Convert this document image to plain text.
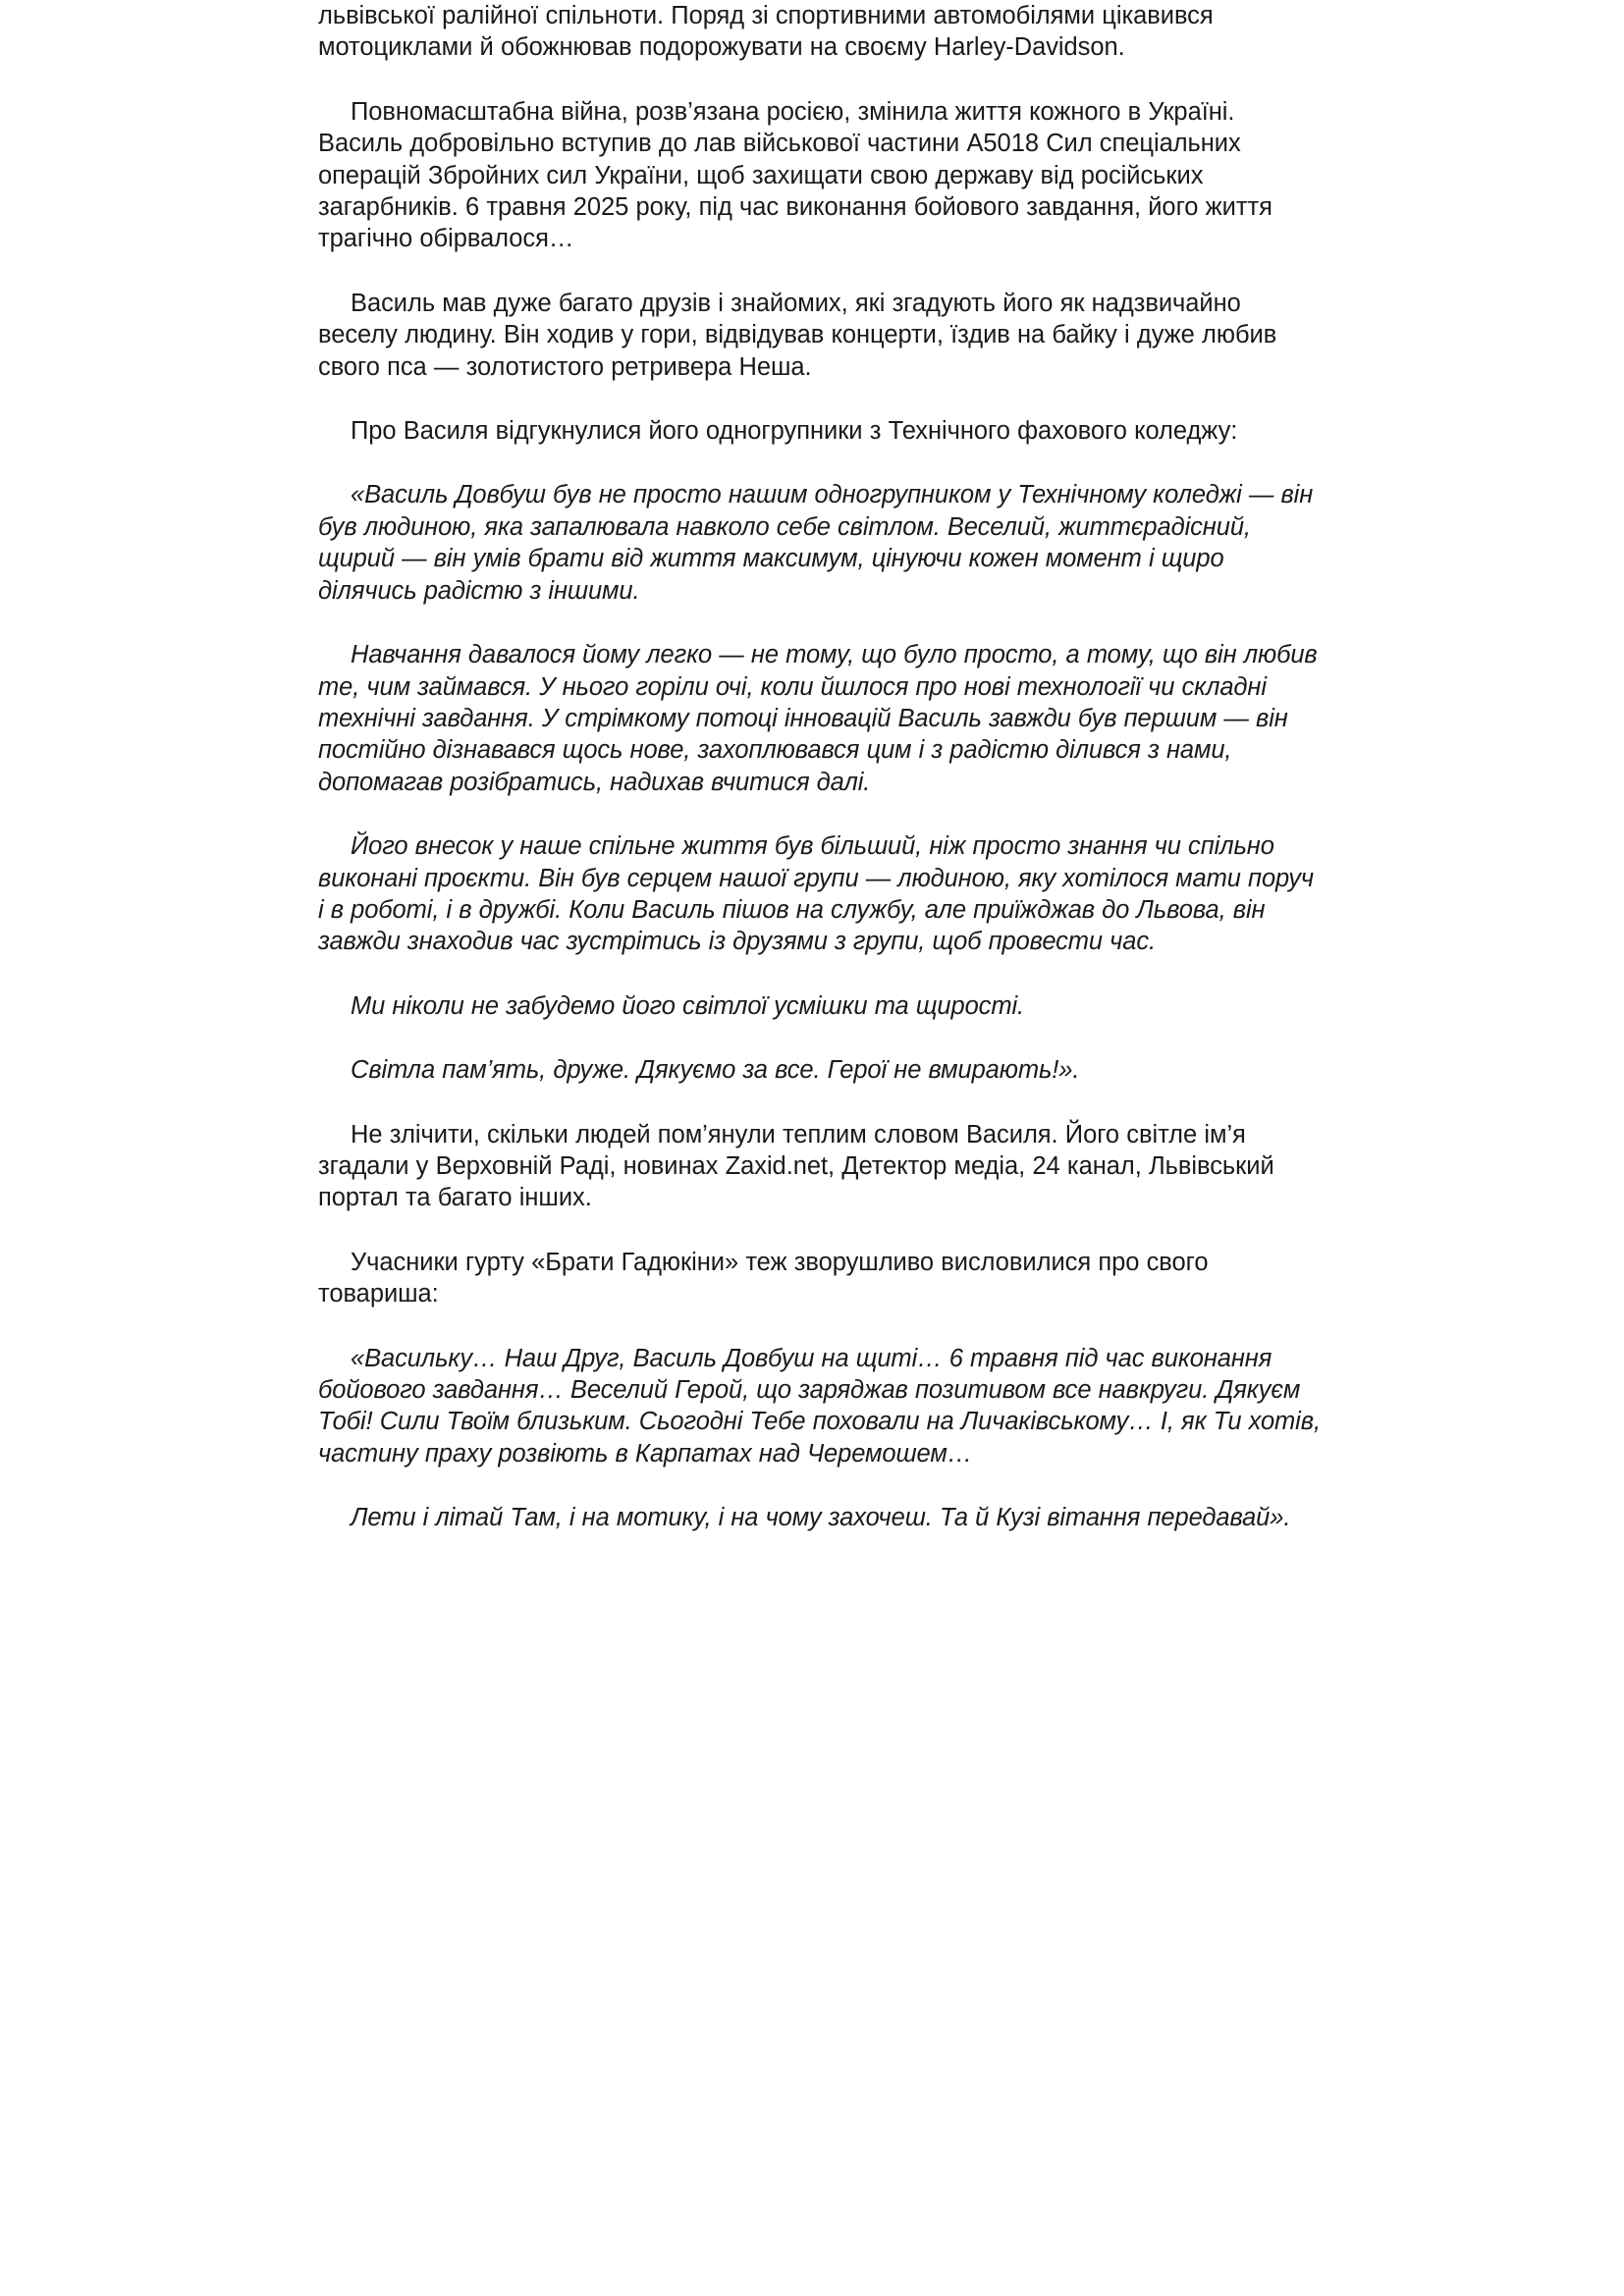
львівської ралійної спільноти. Поряд зі спортивними автомобілями цікавився мотоциклами й обожнював подорожувати на своєму Harley-Davidson.

Повномасштабна війна, розв’язана росією, змінила життя кожного в Україні. Василь добровільно вступив до лав військової частини А5018 Сил спеціальних операцій Збройних сил України, щоб захищати свою державу від російських загарбників. 6 травня 2025 року, під час виконання бойового завдання, його життя трагічно обірвалося…

Василь мав дуже багато друзів і знайомих, які згадують його як надзвичайно веселу людину. Він ходив у гори, відвідував концерти, їздив на байку і дуже любив свого пса — золотистого ретривера Неша.

Про Василя відгукнулися його одногрупники з Технічного фахового коледжу:

«Василь Довбуш був не просто нашим одногрупником у Технічному коледжі — він був людиною, яка запалювала навколо себе світлом. Веселий, життєрадісний, щирий — він умів брати від життя максимум, цінуючи кожен момент і щиро ділячись радістю з іншими.

Навчання давалося йому легко — не тому, що було просто, а тому, що він любив те, чим займався. У нього горіли очі, коли йшлося про нові технології чи складні технічні завдання. У стрімкому потоці інновацій Василь завжди був першим — він постійно дізнавався щось нове, захоплювався цим і з радістю ділився з нами, допомагав розібратись, надихав вчитися далі.

Його внесок у наше спільне життя був більший, ніж просто знання чи спільно виконані проєкти. Він був серцем нашої групи — людиною, яку хотілося мати поруч і в роботі, і в дружбі. Коли Василь пішов на службу, але приїжджав до Львова, він завжди знаходив час зустрітись із друзями з групи, щоб провести час.

Ми ніколи не забудемо його світлої усмішки та щирості.

Світла пам’ять, друже. Дякуємо за все. Герої не вмирають!».

Не злічити, скільки людей пом’янули теплим словом Василя. Його світле ім’я згадали у Верховній Раді, новинах Zaxid.net, Детектор медіа, 24 канал, Львівський портал та багато інших.

Учасники гурту «Брати Гадюкіни» теж зворушливо висловилися про свого товариша:

«Васильку… Наш Друг, Василь Довбуш на щиті… 6 травня під час виконання бойового завдання… Веселий Герой, що заряджав позитивом все навкруги. Дякуєм Тобі! Сили Твоїм близьким. Сьогодні Тебе поховали на Личаківському… І, як Ти хотів, частину праху розвіють в Карпатах над Черемошем…

Лети і літай Там, і на мотику, і на чому захочеш. Та й Кузі вітання передавай».
